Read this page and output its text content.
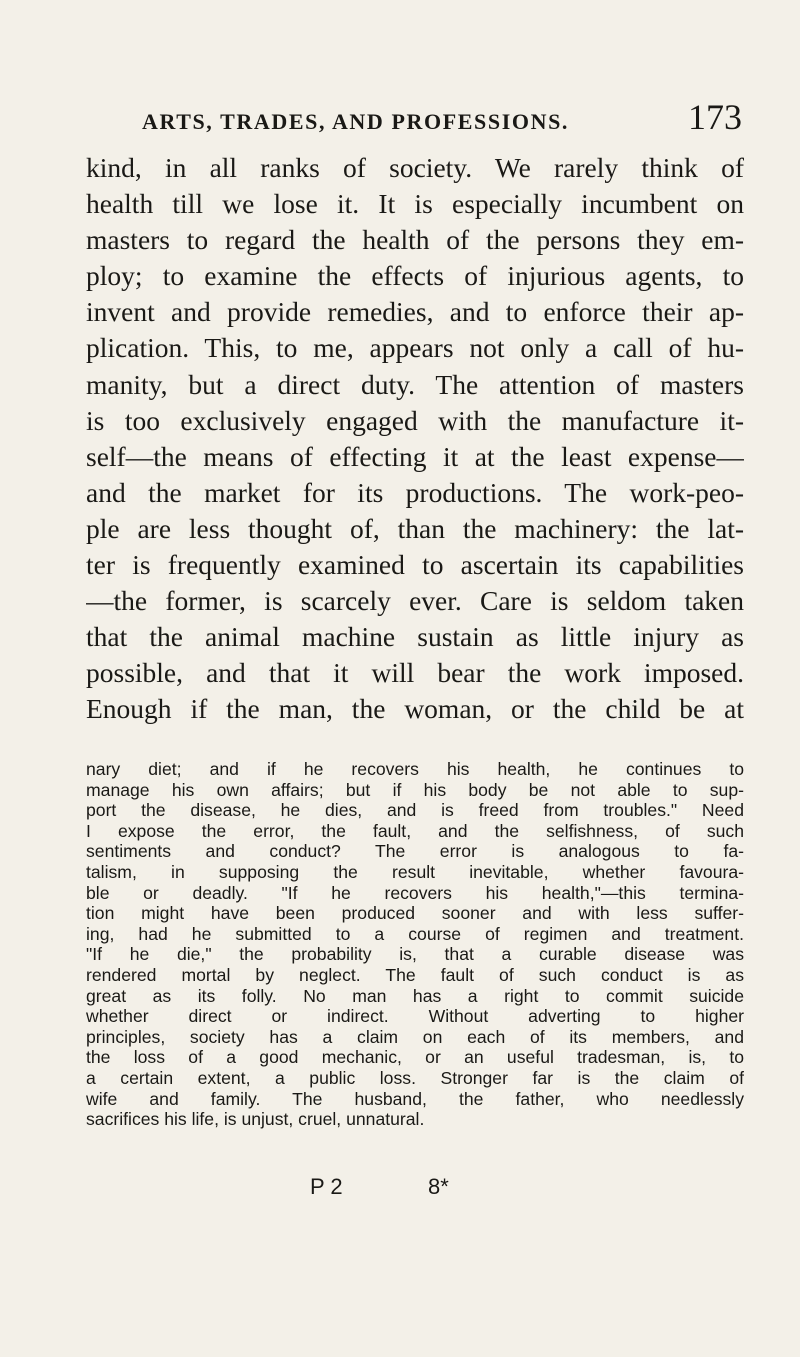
ARTS, TRADES, AND PROFESSIONS.	173
kind, in all ranks of society. We rarely think of
health till we lose it. It is especially incumbent on
masters to regard the health of the persons they em-
ploy; to examine the effects of injurious agents, to
invent and provide remedies, and to enforce their ap-
plication. This, to me, appears not only a call of hu-
manity, but a direct duty. The attention of masters
is too exclusively engaged with the manufacture it-
self—the means of effecting it at the least expense—
and the market for its productions. The work-peo-
ple are less thought of, than the machinery: the lat-
ter is frequently examined to ascertain its capabilities
—the former, is scarcely ever. Care is seldom taken
that the animal machine sustain as little injury as
possible, and that it will bear the work imposed.
Enough if the man, the woman, or the child be at
nary diet; and if he recovers his health, he continues to
manage his own affairs; but if his body be not able to sup-
port the disease, he dies, and is freed from troubles." Need
I expose the error, the fault, and the selfishness, of such
sentiments and conduct? The error is analogous to fa-
talism, in supposing the result inevitable, whether favoura-
ble or deadly. "If he recovers his health,"—this termina-
tion might have been produced sooner and with less suffer-
ing, had he submitted to a course of regimen and treatment.
"If he die," the probability is, that a curable disease was
rendered mortal by neglect. The fault of such conduct is as
great as its folly. No man has a right to commit suicide
whether direct or indirect. Without adverting to higher
principles, society has a claim on each of its members, and
the loss of a good mechanic, or an useful tradesman, is, to
a certain extent, a public loss. Stronger far is the claim of
wife and family. The husband, the father, who needlessly
sacrifices his life, is unjust, cruel, unnatural.
P 2	8*
